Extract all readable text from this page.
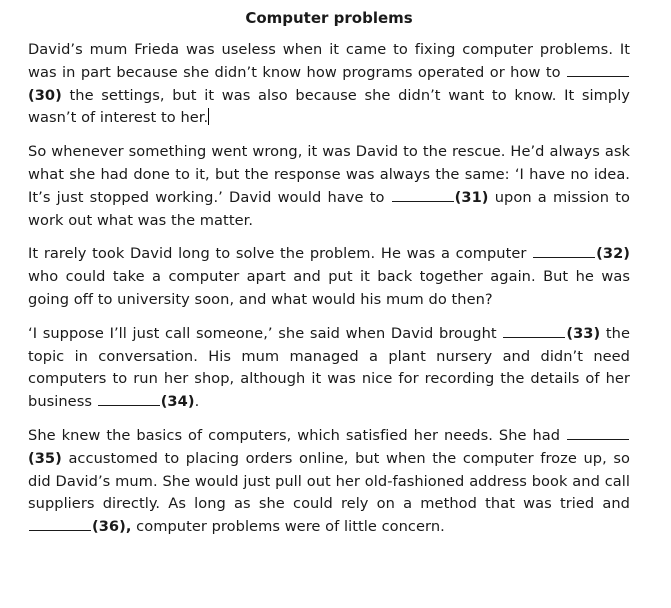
Computer problems

David’s mum Frieda was useless when it came to fixing computer problems. It was in part because she didn’t know how programs operated or how to (30) the settings, but it was also because she didn’t want to know. It simply wasn’t of interest to her.

So whenever something went wrong, it was David to the rescue. He’d always ask what she had done to it, but the response was always the same: ‘I have no idea. It’s just stopped working.’ David would have to	(31) upon a mission to work out what was the matter.

It rarely took David long to solve the problem. He was a computer	(32) who could take a computer apart and put it back together again. But he was going off to university soon, and what would his mum do then?

‘I suppose I’ll just call someone,’ she said when David brought	(33) the topic in conversation. His mum managed a plant nursery and didn’t need computers to run her shop, although it was nice for recording the details of her business	(34).

She knew the basics of computers, which satisfied her needs. She had (35) accustomed to placing orders online, but when the computer froze up, so did David’s mum. She would just pull out her old-fashioned address book and call suppliers directly. As long as she could rely on a method that was tried and (36), computer problems were of little concern.
